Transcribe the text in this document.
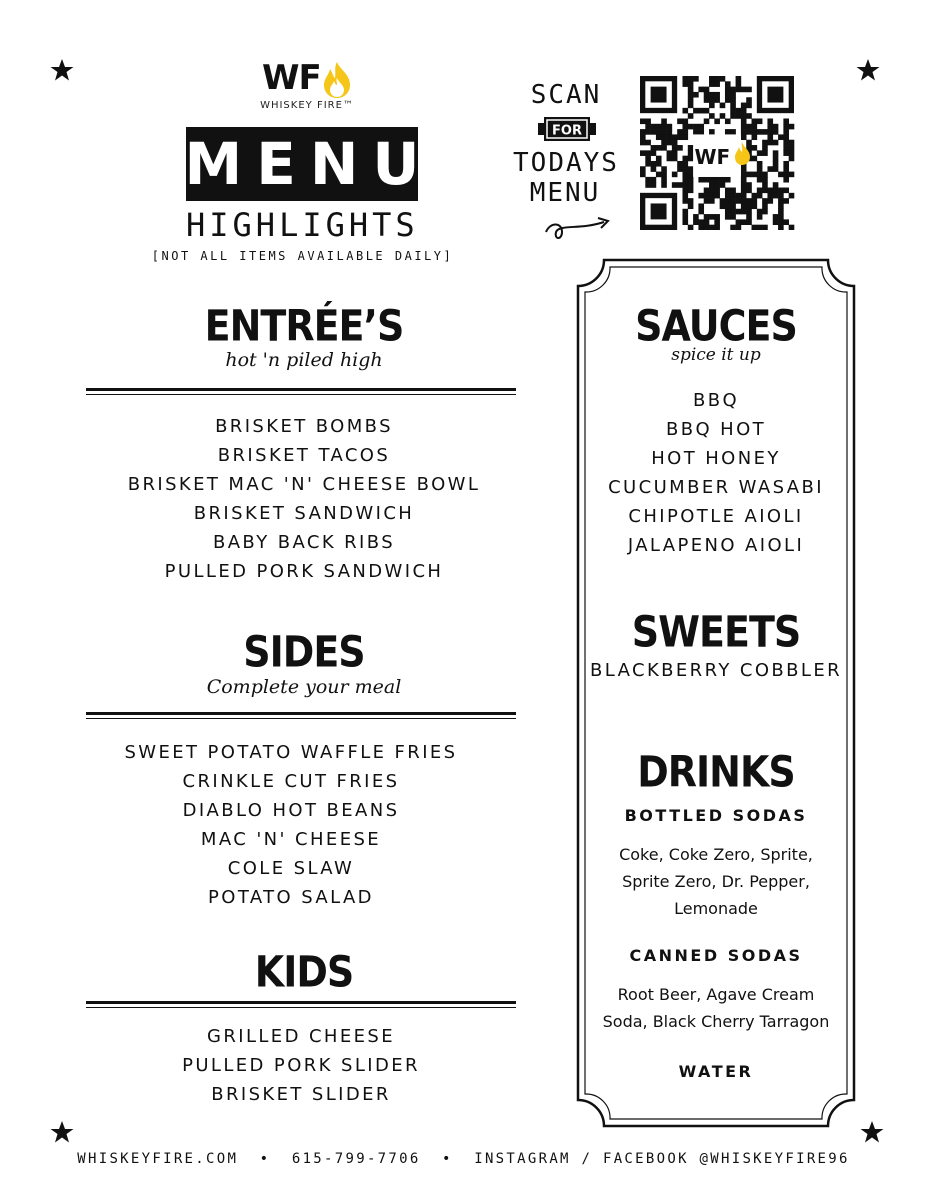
WF
WHISKEY FIRE™
MENU
HIGHLIGHTS
[NOT ALL ITEMS AVAILABLE DAILY]
SCAN
FOR
TODAYS
MENU
WF
ENTRÉE’S
hot 'n piled high
BRISKET BOMBS
BRISKET TACOS
BRISKET MAC 'N' CHEESE BOWL
BRISKET SANDWICH
BABY BACK RIBS
PULLED PORK SANDWICH
SIDES
Complete your meal
SWEET POTATO WAFFLE FRIES
CRINKLE CUT FRIES
DIABLO HOT BEANS
MAC 'N' CHEESE
COLE SLAW
POTATO SALAD
KIDS
GRILLED CHEESE
PULLED PORK SLIDER
BRISKET SLIDER
SAUCES
spice it up
BBQ
BBQ HOT
HOT HONEY
CUCUMBER WASABI
CHIPOTLE AIOLI
JALAPENO AIOLI
SWEETS
BLACKBERRY COBBLER
DRINKS
BOTTLED SODAS
Coke, Coke Zero, Sprite, Sprite Zero, Dr. Pepper, Lemonade
CANNED SODAS
Root Beer, Agave Cream Soda, Black Cherry Tarragon
WATER
WHISKEYFIRE.COM  •  615-799-7706  •  INSTAGRAM / FACEBOOK @WHISKEYFIRE96
